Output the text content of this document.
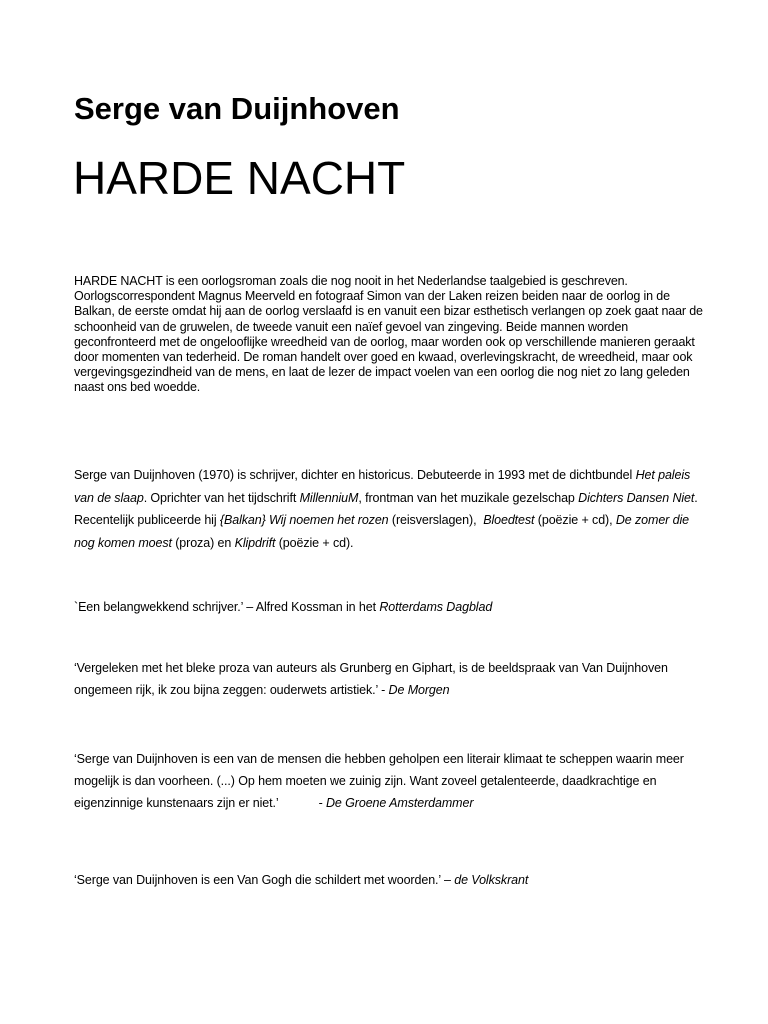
Serge van Duijnhoven
HARDE NACHT

HARDE NACHT is een oorlogsroman zoals die nog nooit in het Nederlandse taalgebied is geschreven. Oorlogscorrespondent Magnus Meerveld en fotograaf Simon van der Laken reizen beiden naar de oorlog in de Balkan, de eerste omdat hij aan de oorlog verslaafd is en vanuit een bizar esthetisch verlangen op zoek gaat naar de schoonheid van de gruwelen, de tweede vanuit een naïef gevoel van zingeving. Beide mannen worden geconfronteerd met de ongelooflijke wreedheid van de oorlog, maar worden ook op verschillende manieren geraakt door momenten van tederheid. De roman handelt over goed en kwaad, overlevingskracht, de wreedheid, maar ook vergevingsgezindheid van de mens, en laat de lezer de impact voelen van een oorlog die nog niet zo lang geleden naast ons bed woedde.

Serge van Duijnhoven (1970) is schrijver, dichter en historicus. Debuteerde in 1993 met de dichtbundel Het paleis van de slaap. Oprichter van het tijdschrift MillenniuM, frontman van het muzikale gezelschap Dichters Dansen Niet. Recentelijk publiceerde hij {Balkan} Wij noemen het rozen (reisverslagen),  Bloedtest (poëzie + cd), De zomer die nog komen moest (proza) en Klipdrift (poëzie + cd).

`Een belangwekkend schrijver.’ – Alfred Kossman in het Rotterdams Dagblad

‘Vergeleken met het bleke proza van auteurs als Grunberg en Giphart, is de beeldspraak van Van Duijnhoven ongemeen rijk, ik zou bijna zeggen: ouderwets artistiek.’ - De Morgen

‘Serge van Duijnhoven is een van de mensen die hebben geholpen een literair klimaat te scheppen waarin meer mogelijk is dan voorheen. (...) Op hem moeten we zuinig zijn. Want zoveel getalenteerde, daadkrachtige en eigenzinnige kunstenaars zijn er niet.’	- De Groene Amsterdammer

‘Serge van Duijnhoven is een Van Gogh die schildert met woorden.’ – de Volkskrant
